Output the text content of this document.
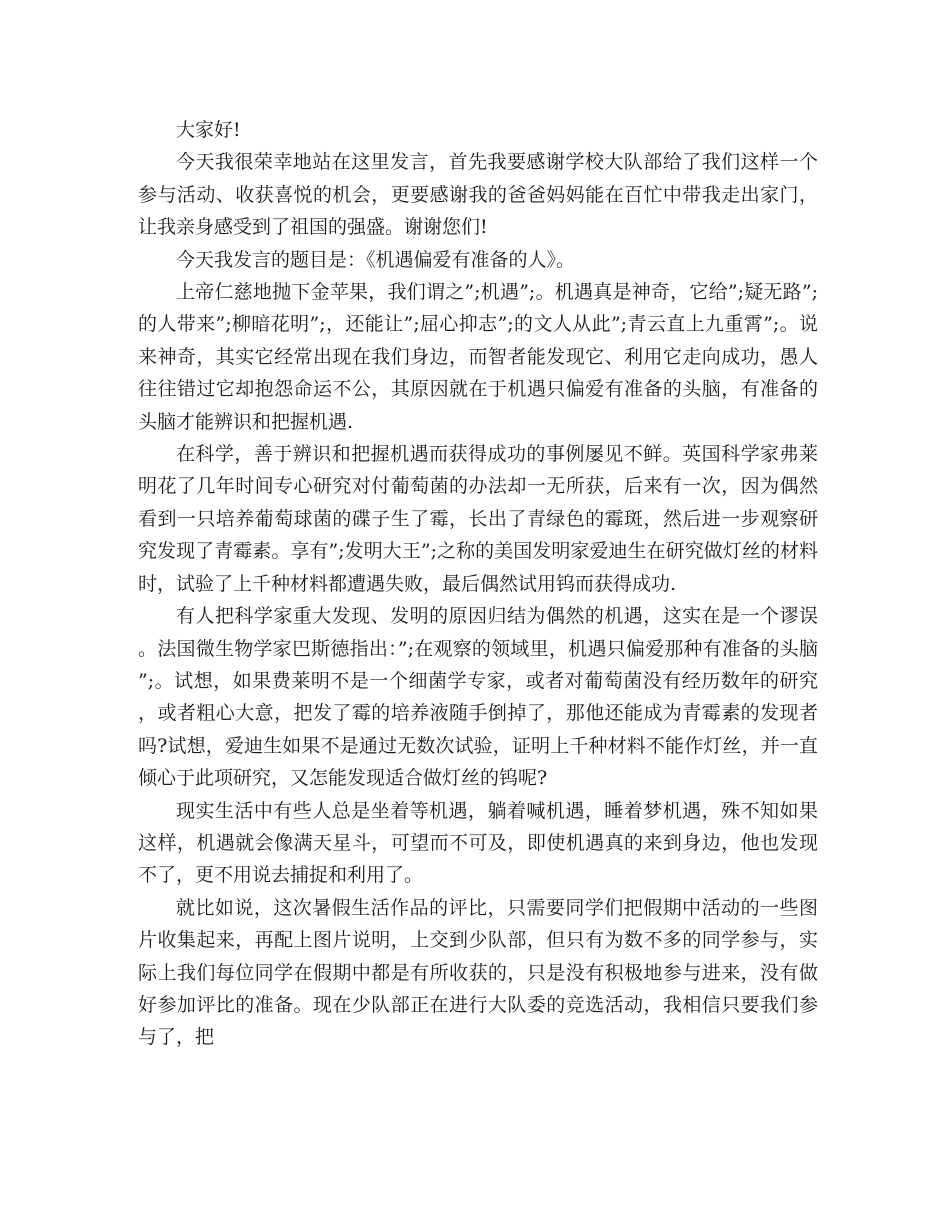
大家好!

今天我很荣幸地站在这里发言，首先我要感谢学校大队部给了我们这样一个参与活动、收获喜悦的机会，更要感谢我的爸爸妈妈能在百忙中带我走出家门，让我亲身感受到了祖国的强盛。谢谢您们!

今天我发言的题目是：《机遇偏爱有准备的人》。

上帝仁慈地抛下金苹果，我们谓之”;机遇”;。机遇真是神奇，它给”;疑无路”;的人带来”;柳暗花明”;，还能让”;屈心抑志”;的文人从此”;青云直上九重霄”;。说来神奇，其实它经常出现在我们身边，而智者能发现它、利用它走向成功，愚人往往错过它却抱怨命运不公，其原因就在于机遇只偏爱有准备的头脑，有准备的头脑才能辨识和把握机遇.

在科学，善于辨识和把握机遇而获得成功的事例屡见不鲜。英国科学家弗莱明花了几年时间专心研究对付葡萄菌的办法却一无所获，后来有一次，因为偶然看到一只培养葡萄球菌的碟子生了霉，长出了青绿色的霉斑，然后进一步观察研究发现了青霉素。享有”;发明大王”;之称的美国发明家爱迪生在研究做灯丝的材料时，试验了上千种材料都遭遇失败，最后偶然试用钨而获得成功.

有人把科学家重大发现、发明的原因归结为偶然的机遇，这实在是一个谬误。法国微生物学家巴斯德指出：”;在观察的领域里，机遇只偏爱那种有准备的头脑”;。试想，如果费莱明不是一个细菌学专家，或者对葡萄菌没有经历数年的研究，或者粗心大意，把发了霉的培养液随手倒掉了，那他还能成为青霉素的发现者吗?试想，爱迪生如果不是通过无数次试验，证明上千种材料不能作灯丝，并一直倾心于此项研究，又怎能发现适合做灯丝的钨呢?

现实生活中有些人总是坐着等机遇，躺着喊机遇，睡着梦机遇，殊不知如果这样，机遇就会像满天星斗，可望而不可及，即使机遇真的来到身边，他也发现不了，更不用说去捕捉和利用了。

就比如说，这次暑假生活作品的评比，只需要同学们把假期中活动的一些图片收集起来，再配上图片说明，上交到少队部，但只有为数不多的同学参与，实际上我们每位同学在假期中都是有所收获的，只是没有积极地参与进来，没有做好参加评比的准备。现在少队部正在进行大队委的竞选活动，我相信只要我们参与了，把
